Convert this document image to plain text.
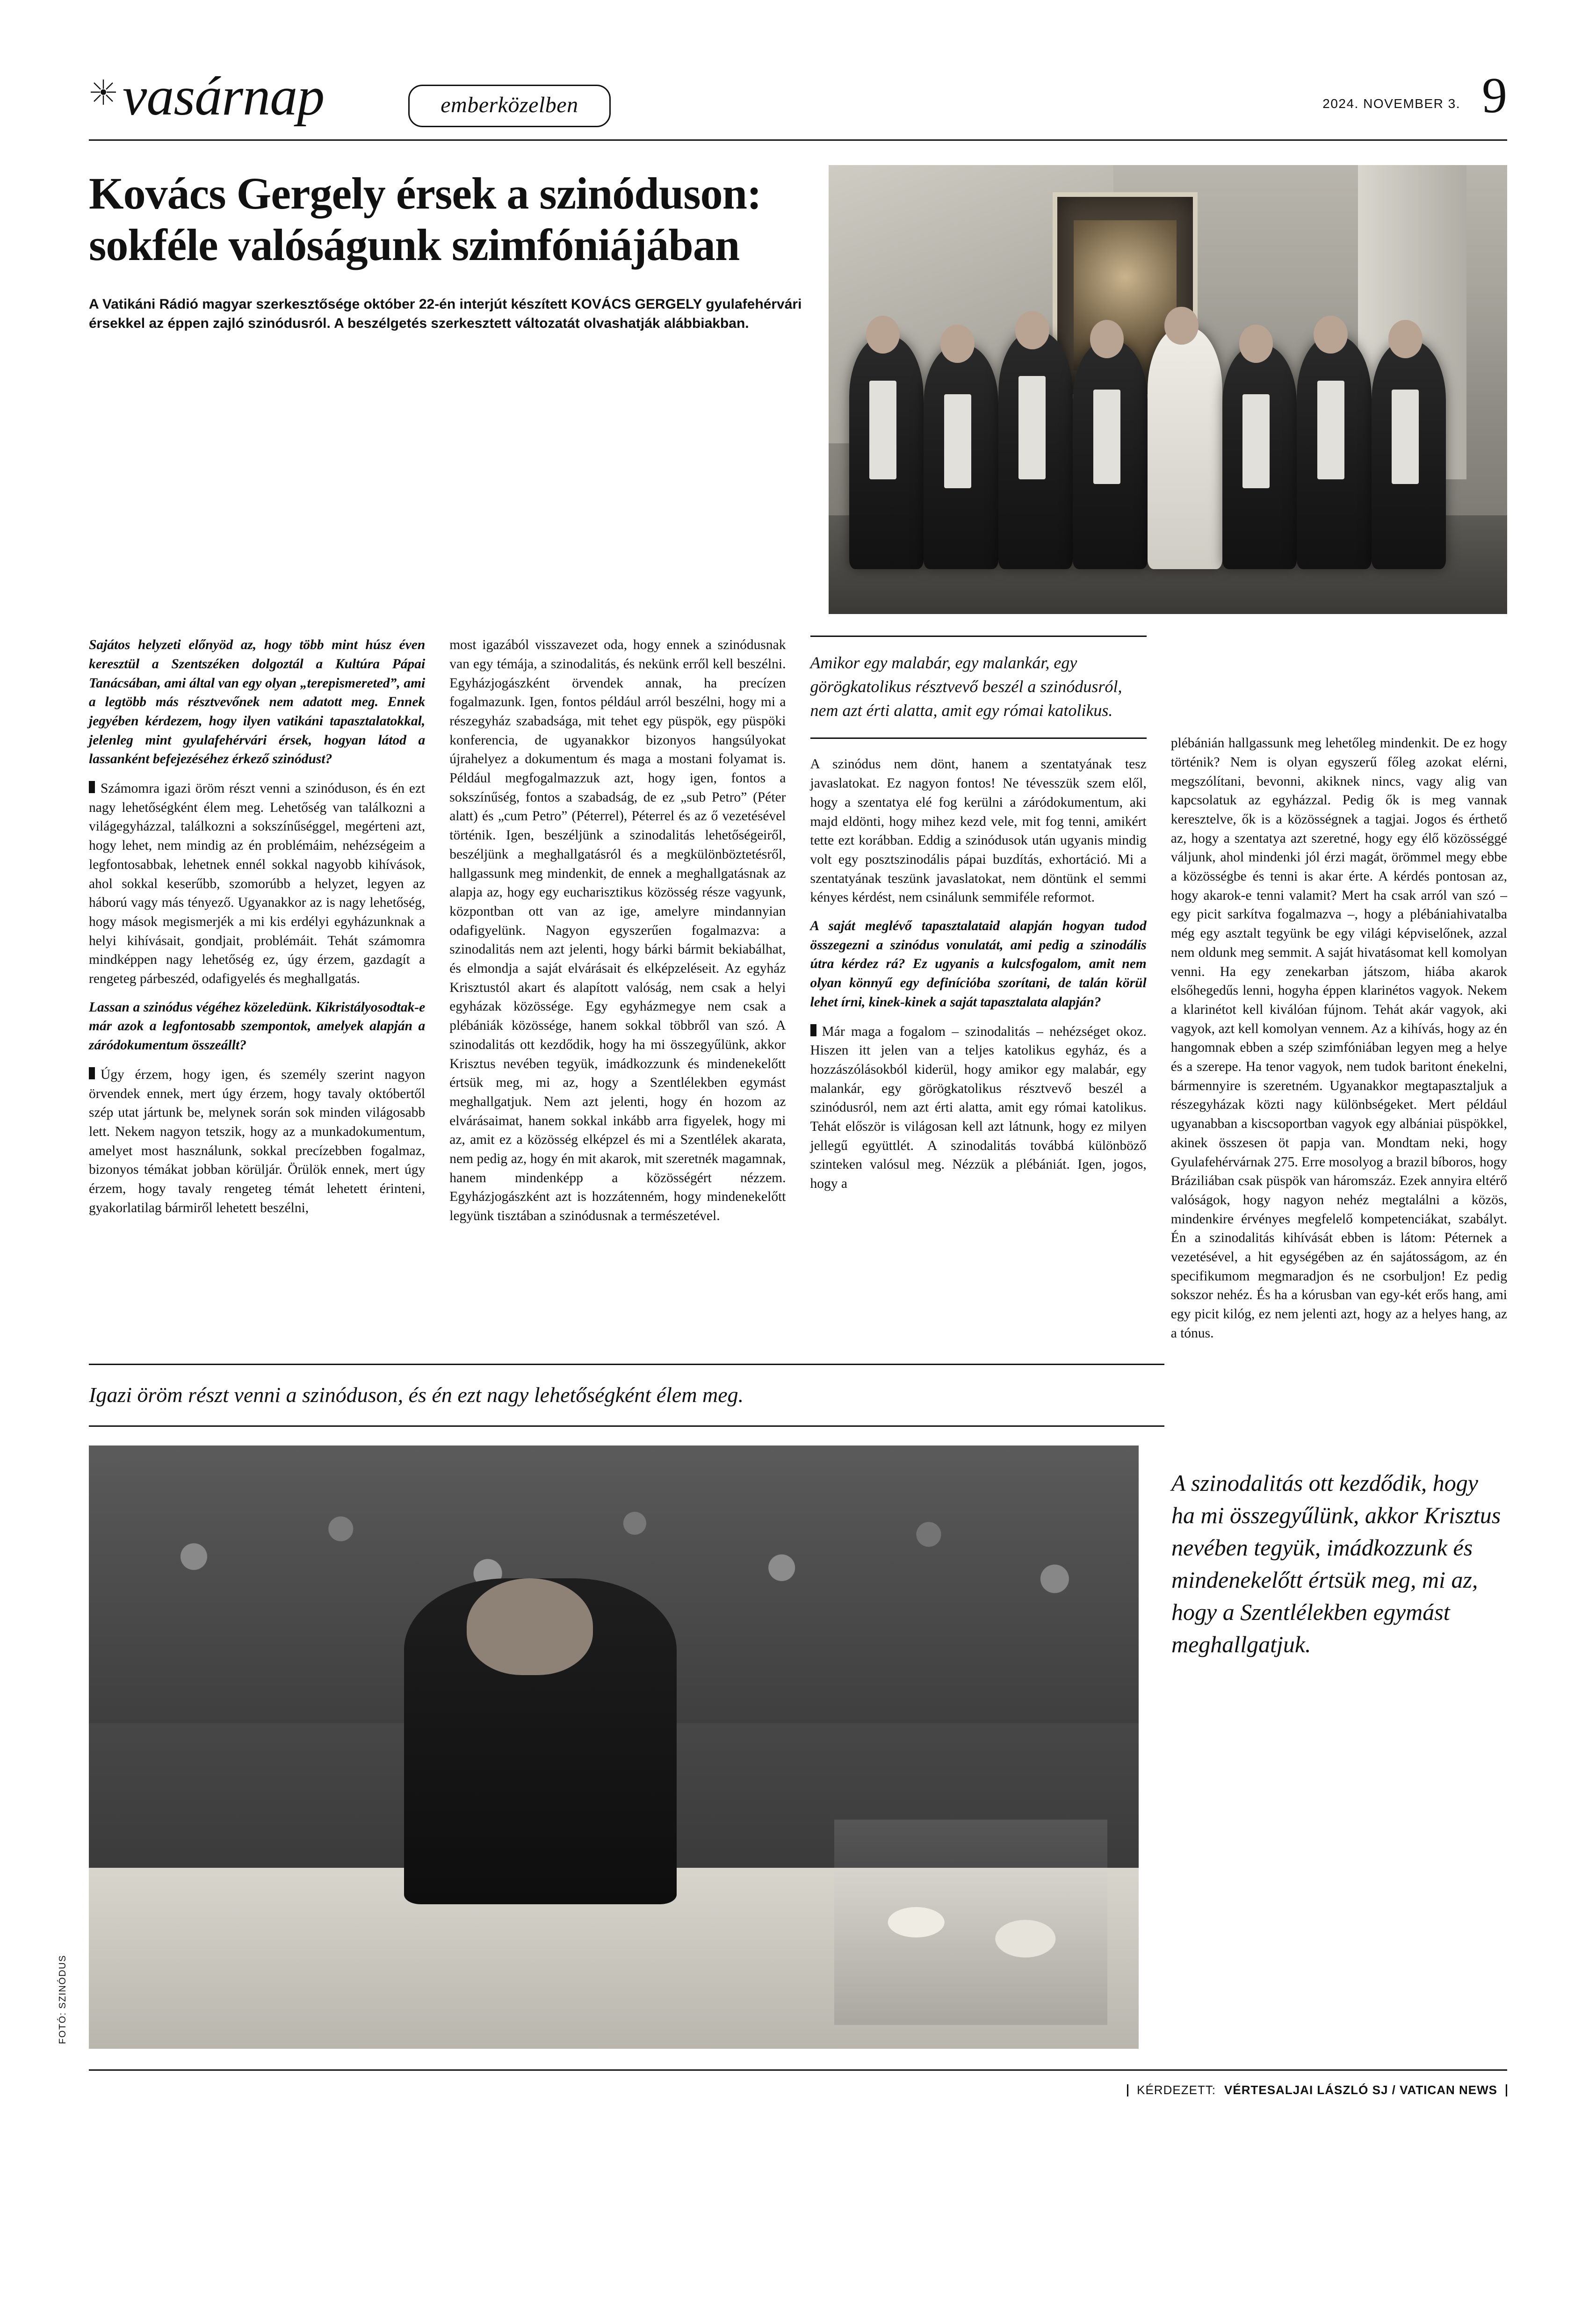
vasárnap	emberközelben	2024. NOVEMBER 3. 9
Kovács Gergely érsek a szinóduson: sokféle valóságunk szimfóniájában

A Vatikáni Rádió magyar szerkesztősége október 22-én interjút készített KOVÁCS GERGELY gyulafehérvári érsekkel az éppen zajló szinódusról. A beszélgetés szerkesztett változatát olvashatják alábbiakban.

Sajátos helyzeti előnyöd az, hogy több mint húsz éven keresztül a Szentszéken dolgoztál a Kultúra Pápai Tanácsában, ami által van egy olyan „terepismereted”, ami a legtöbb más résztvevőnek nem adatott meg. Ennek jegyében kérdezem, hogy ilyen vatikáni tapasztalatokkal, jelenleg mint gyulafehérvári érsek, hogyan látod a lassanként befejezéséhez érkező szinódust?

Számomra igazi öröm részt venni a szinóduson, és én ezt nagy lehetőségként élem meg. Lehetőség van találkozni a világegyházzal, találkozni a sokszínűséggel, megérteni azt, hogy lehet, nem mindig az én problémáim, nehézségeim a legfontosabbak, lehetnek ennél sokkal nagyobb kihívások, ahol sokkal keserűbb, szomorúbb a helyzet, legyen az háború vagy más tényező. Ugyanakkor az is nagy lehetőség, hogy mások megismerjék a mi kis erdélyi egyházunknak a helyi kihívásait, gondjait, problémáit. Tehát számomra mindképpen nagy lehetőség ez, úgy érzem, gazdagít a rengeteg párbeszéd, odafigyelés és meghallgatás.

Lassan a szinódus végéhez közeledünk. Kikristályosodtak-e már azok a legfontosabb szempontok, amelyek alapján a záródokumentum összeállt?

Úgy érzem, hogy igen, és személy szerint nagyon örvendek ennek, mert úgy érzem, hogy tavaly októbertől szép utat jártunk be, melynek során sok minden világosabb lett. Nekem nagyon tetszik, hogy az a munkadokumentum, amelyet most használunk, sokkal precízebben fogalmaz, bizonyos témákat jobban körüljár. Örülök ennek, mert úgy érzem, hogy tavaly rengeteg témát lehetett érinteni, gyakorlatilag bármiről lehetett beszélni,

most igazából visszavezet oda, hogy ennek a szinódusnak van egy témája, a szinodalitás, és nekünk erről kell beszélni. Egyházjogászként örvendek annak, ha precízen fogalmazunk. Igen, fontos például arról beszélni, hogy mi a részegyház szabadsága, mit tehet egy püspök, egy püspöki konferencia, de ugyanakkor bizonyos hangsúlyokat újrahelyez a dokumentum és maga a mostani folyamat is. Például megfogalmazzuk azt, hogy igen, fontos a sokszínűség, fontos a szabadság, de ez „sub Petro” (Péter alatt) és „cum Petro” (Péterrel), Péterrel és az ő vezetésével történik. Igen, beszéljünk a szinodalitás lehetőségeiről, beszéljünk a meghallgatásról és a megkülönböztetésről, hallgassunk meg mindenkit, de ennek a meghallgatásnak az alapja az, hogy egy eucharisztikus közösség része vagyunk, központban ott van az ige, amelyre mindannyian odafigyelünk. Nagyon egyszerűen fogalmazva: a szinodalitás nem azt jelenti, hogy bárki bármit bekiabálhat, és elmondja a saját elvárásait és elképzeléseit. Az egyház Krisztustól akart és alapított valóság, nem csak a helyi egyházak közössége. Egy egyházmegye nem csak a plébániák közössége, hanem sokkal többről van szó. A szinodalitás ott kezdődik, hogy ha mi összegyűlünk, akkor Krisztus nevében tegyük, imádkozzunk és mindenekelőtt értsük meg, mi az, hogy a Szentlélekben egymást meghallgatjuk. Nem azt jelenti, hogy én hozom az elvárásaimat, hanem sokkal inkább arra figyelek, hogy mi az, amit ez a közösség elképzel és mi a Szentlélek akarata, nem pedig az, hogy én mit akarok, mit szeretnék magamnak, hanem mindenképp a közösségért nézzem. Egyházjogászként azt is hozzátenném, hogy mindenekelőtt legyünk tisztában a szinódusnak a természetével.

Amikor egy malabár, egy malankár, egy görögkatolikus résztvevő beszél a szinódusról, nem azt érti alatta, amit egy római katolikus.

A szinódus nem dönt, hanem a szentatyának tesz javaslatokat. Ez nagyon fontos! Ne tévesszük szem elől, hogy a szentatya elé fog kerülni a záródokumentum, aki majd eldönti, hogy mihez kezd vele, mit fog tenni, amikért tette ezt korábban. Eddig a szinódusok után ugyanis mindig volt egy posztszinodális pápai buzdítás, exhortáció. Mi a szentatyának teszünk javaslatokat, nem döntünk el semmi kényes kérdést, nem csinálunk semmiféle reformot.

A saját meglévő tapasztalataid alapján hogyan tudod összegezni a szinódus vonulatát, ami pedig a szinodális útra kérdez rá? Ez ugyanis a kulcsfogalom, amit nem olyan könnyű egy definícióba szorítani, de talán körül lehet írni, kinek-kinek a saját tapasztalata alapján?

Már maga a fogalom – szinodalitás – nehézséget okoz. Hiszen itt jelen van a teljes katolikus egyház, és a hozzászólásokból kiderül, hogy amikor egy malabár, egy malankár, egy görögkatolikus résztvevő beszél a szinódusról, nem azt érti alatta, amit egy római katolikus. Tehát először is világosan kell azt látnunk, hogy ez milyen jellegű együttlét. A szinodalitás továbbá különböző szinteken valósul meg. Nézzük a plébániát. Igen, jogos, hogy a

plébánián hallgassunk meg lehetőleg mindenkit. De ez hogy történik? Nem is olyan egyszerű főleg azokat elérni, megszólítani, bevonni, akiknek nincs, vagy alig van kapcsolatuk az egyházzal. Pedig ők is meg vannak keresztelve, ők is a közösségnek a tagjai. Jogos és érthető az, hogy a szentatya azt szeretné, hogy egy élő közösséggé váljunk, ahol mindenki jól érzi magát, örömmel megy ebbe a közösségbe és tenni is akar érte. A kérdés pontosan az, hogy akarok-e tenni valamit? Mert ha csak arról van szó – egy picit sarkítva fogalmazva –, hogy a plébániahivatalba még egy asztalt tegyünk be egy világi képviselőnek, azzal nem oldunk meg semmit. A saját hivatásomat kell komolyan venni. Ha egy zenekarban játszom, hiába akarok elsőhegedűs lenni, hogyha éppen klarinétos vagyok. Nekem a klarinétot kell kiválóan fújnom. Tehát akár vagyok, aki vagyok, azt kell komolyan vennem. Az a kihívás, hogy az én hangomnak ebben a szép szimfóniában legyen meg a helye és a szerepe. Ha tenor vagyok, nem tudok baritont énekelni, bármennyire is szeretném. Ugyanakkor megtapasztaljuk a részegyházak közti nagy különbségeket. Mert például ugyanabban a kiscsoportban vagyok egy albániai püspökkel, akinek összesen öt papja van. Mondtam neki, hogy Gyulafehérvárnak 275. Erre mosolyog a brazil bíboros, hogy Bráziliában csak püspök van háromszáz. Ezek annyira eltérő valóságok, hogy nagyon nehéz megtalálni a közös, mindenkire érvényes megfelelő kompetenciákat, szabályt. Én a szinodalitás kihívását ebben is látom: Péternek a vezetésével, a hit egységében az én sajátosságom, az én specifikumom megmaradjon és ne csorbuljon! Ez pedig sokszor nehéz. És ha a kórusban van egy-két erős hang, ami egy picit kilóg, ez nem jelenti azt, hogy az a helyes hang, az a tónus.

Igazi öröm részt venni a szinóduson, és én ezt nagy lehetőségként élem meg.
FOTÓ: SZINÓDUS
A szinodalitás ott kezdődik, hogy ha mi összegyűlünk, akkor Krisztus nevében tegyük, imádkozzunk és mindenekelőtt értsük meg, mi az, hogy a Szentlélekben egymást meghallgatjuk.
KÉRDEZETT: VÉRTESALJAI LÁSZLÓ SJ / VATICAN NEWS
